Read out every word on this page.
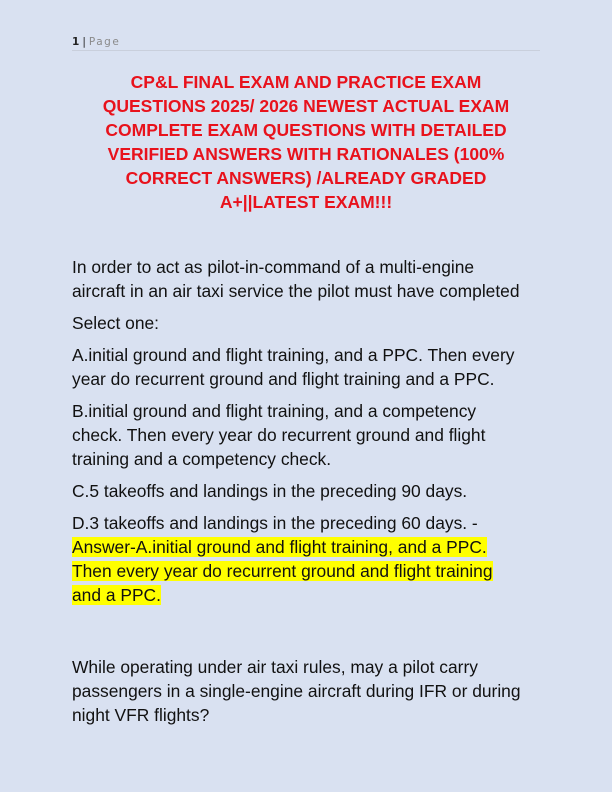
1 | Page
CP&L FINAL EXAM AND PRACTICE EXAM
QUESTIONS 2025/ 2026 NEWEST ACTUAL EXAM
COMPLETE EXAM QUESTIONS WITH DETAILED
VERIFIED ANSWERS WITH RATIONALES (100%
CORRECT ANSWERS) /ALREADY GRADED
A+||LATEST EXAM!!!

In order to act as pilot-in-command of a multi-engine
aircraft in an air taxi service the pilot must have completed

Select one:

A.initial ground and flight training, and a PPC. Then every
year do recurrent ground and flight training and a PPC.

B.initial ground and flight training, and a competency
check. Then every year do recurrent ground and flight
training and a competency check.

C.5 takeoffs and landings in the preceding 90 days.

D.3 takeoffs and landings in the preceding 60 days. -
Answer-A.initial ground and flight training, and a PPC.
Then every year do recurrent ground and flight training
and a PPC.

While operating under air taxi rules, may a pilot carry
passengers in a single-engine aircraft during IFR or during
night VFR flights?
